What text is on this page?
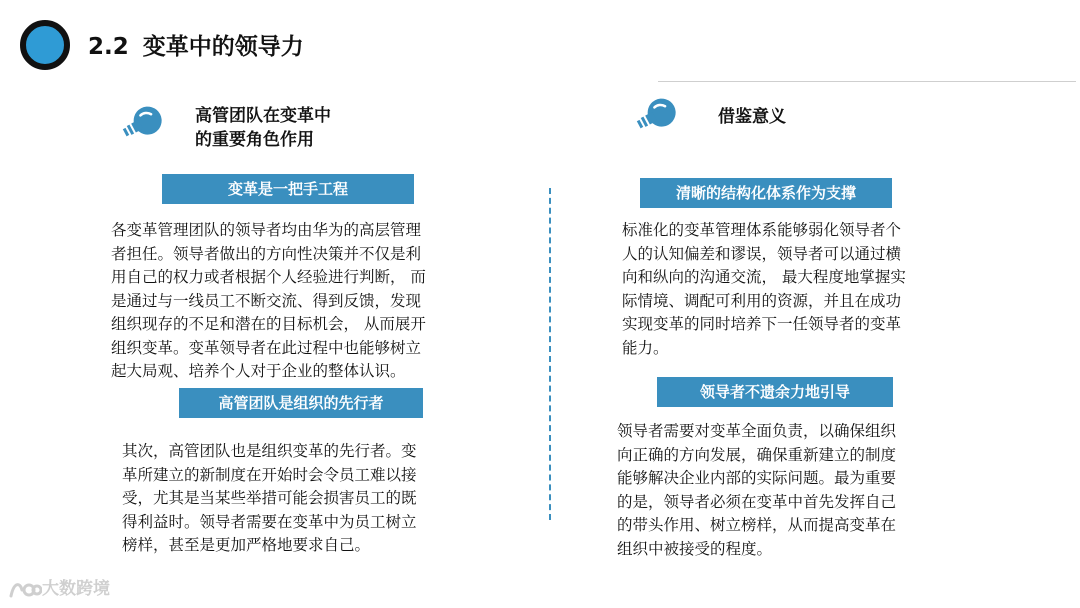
2.2 变革中的领导力
高管团队在变革中
的重要角色作用
变革是一把手工程
各变革管理团队的领导者均由华为的高层管理
者担任。领导者做出的方向性决策并不仅是利
用自己的权力或者根据个人经验进行判断， 而
是通过与一线员工不断交流、得到反馈，发现
组织现存的不足和潜在的目标机会， 从而展开
组织变革。变革领导者在此过程中也能够树立
起大局观、培养个人对于企业的整体认识。
高管团队是组织的先行者
其次，高管团队也是组织变革的先行者。变
革所建立的新制度在开始时会令员工难以接
受，尤其是当某些举措可能会损害员工的既
得利益时。领导者需要在变革中为员工树立
榜样，甚至是更加严格地要求自己。
借鉴意义
清晰的结构化体系作为支撑
标准化的变革管理体系能够弱化领导者个
人的认知偏差和谬误，领导者可以通过横
向和纵向的沟通交流， 最大程度地掌握实
际情境、调配可利用的资源，并且在成功
实现变革的同时培养下一任领导者的变革
能力。
领导者不遗余力地引导
领导者需要对变革全面负责，以确保组织
向正确的方向发展，确保重新建立的制度
能够解决企业内部的实际问题。最为重要
的是，领导者必须在变革中首先发挥自己
的带头作用、树立榜样，从而提高变革在
组织中被接受的程度。
大数跨境
